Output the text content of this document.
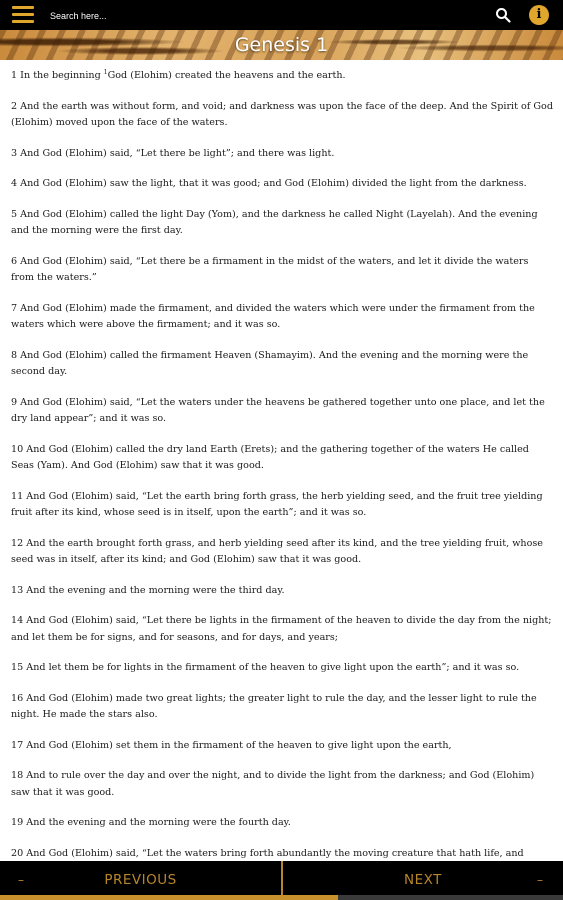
Search here...
i
Genesis 1

1 In the beginning $^1$God (Elohim) created the heavens and the earth.

2 And the earth was without form, and void; and darkness was upon the face of the deep. And the Spirit of God (Elohim) moved upon the face of the waters.

3 And God (Elohim) said, “Let there be light”; and there was light.

4 And God (Elohim) saw the light, that it was good; and God (Elohim) divided the light from the darkness.

5 And God (Elohim) called the light Day (Yom), and the darkness he called Night (Layelah). And the evening and the morning were the first day.

6 And God (Elohim) said, “Let there be a firmament in the midst of the waters, and let it divide the waters from the waters.”

7 And God (Elohim) made the firmament, and divided the waters which were under the firmament from the waters which were above the firmament; and it was so.

8 And God (Elohim) called the firmament Heaven (Shamayim). And the evening and the morning were the second day.

9 And God (Elohim) said, “Let the waters under the heavens be gathered together unto one place, and let the dry land appear”; and it was so.

10 And God (Elohim) called the dry land Earth (Erets); and the gathering together of the waters He called Seas (Yam). And God (Elohim) saw that it was good.

11 And God (Elohim) said, “Let the earth bring forth grass, the herb yielding seed, and the fruit tree yielding fruit after its kind, whose seed is in itself, upon the earth”; and it was so.

12 And the earth brought forth grass, and herb yielding seed after its kind, and the tree yielding fruit, whose seed was in itself, after its kind; and God (Elohim) saw that it was good.

13 And the evening and the morning were the third day.

14 And God (Elohim) said, “Let there be lights in the firmament of the heaven to divide the day from the night; and let them be for signs, and for seasons, and for days, and years;

15 And let them be for lights in the firmament of the heaven to give light upon the earth”; and it was so.

16 And God (Elohim) made two great lights; the greater light to rule the day, and the lesser light to rule the night. He made the stars also.

17 And God (Elohim) set them in the firmament of the heaven to give light upon the earth,

18 And to rule over the day and over the night, and to divide the light from the darkness; and God (Elohim) saw that it was good.

19 And the evening and the morning were the fourth day.

20 And God (Elohim) said, “Let the waters bring forth abundantly the moving creature that hath life, and

–	PREVIOUS	NEXT	–
